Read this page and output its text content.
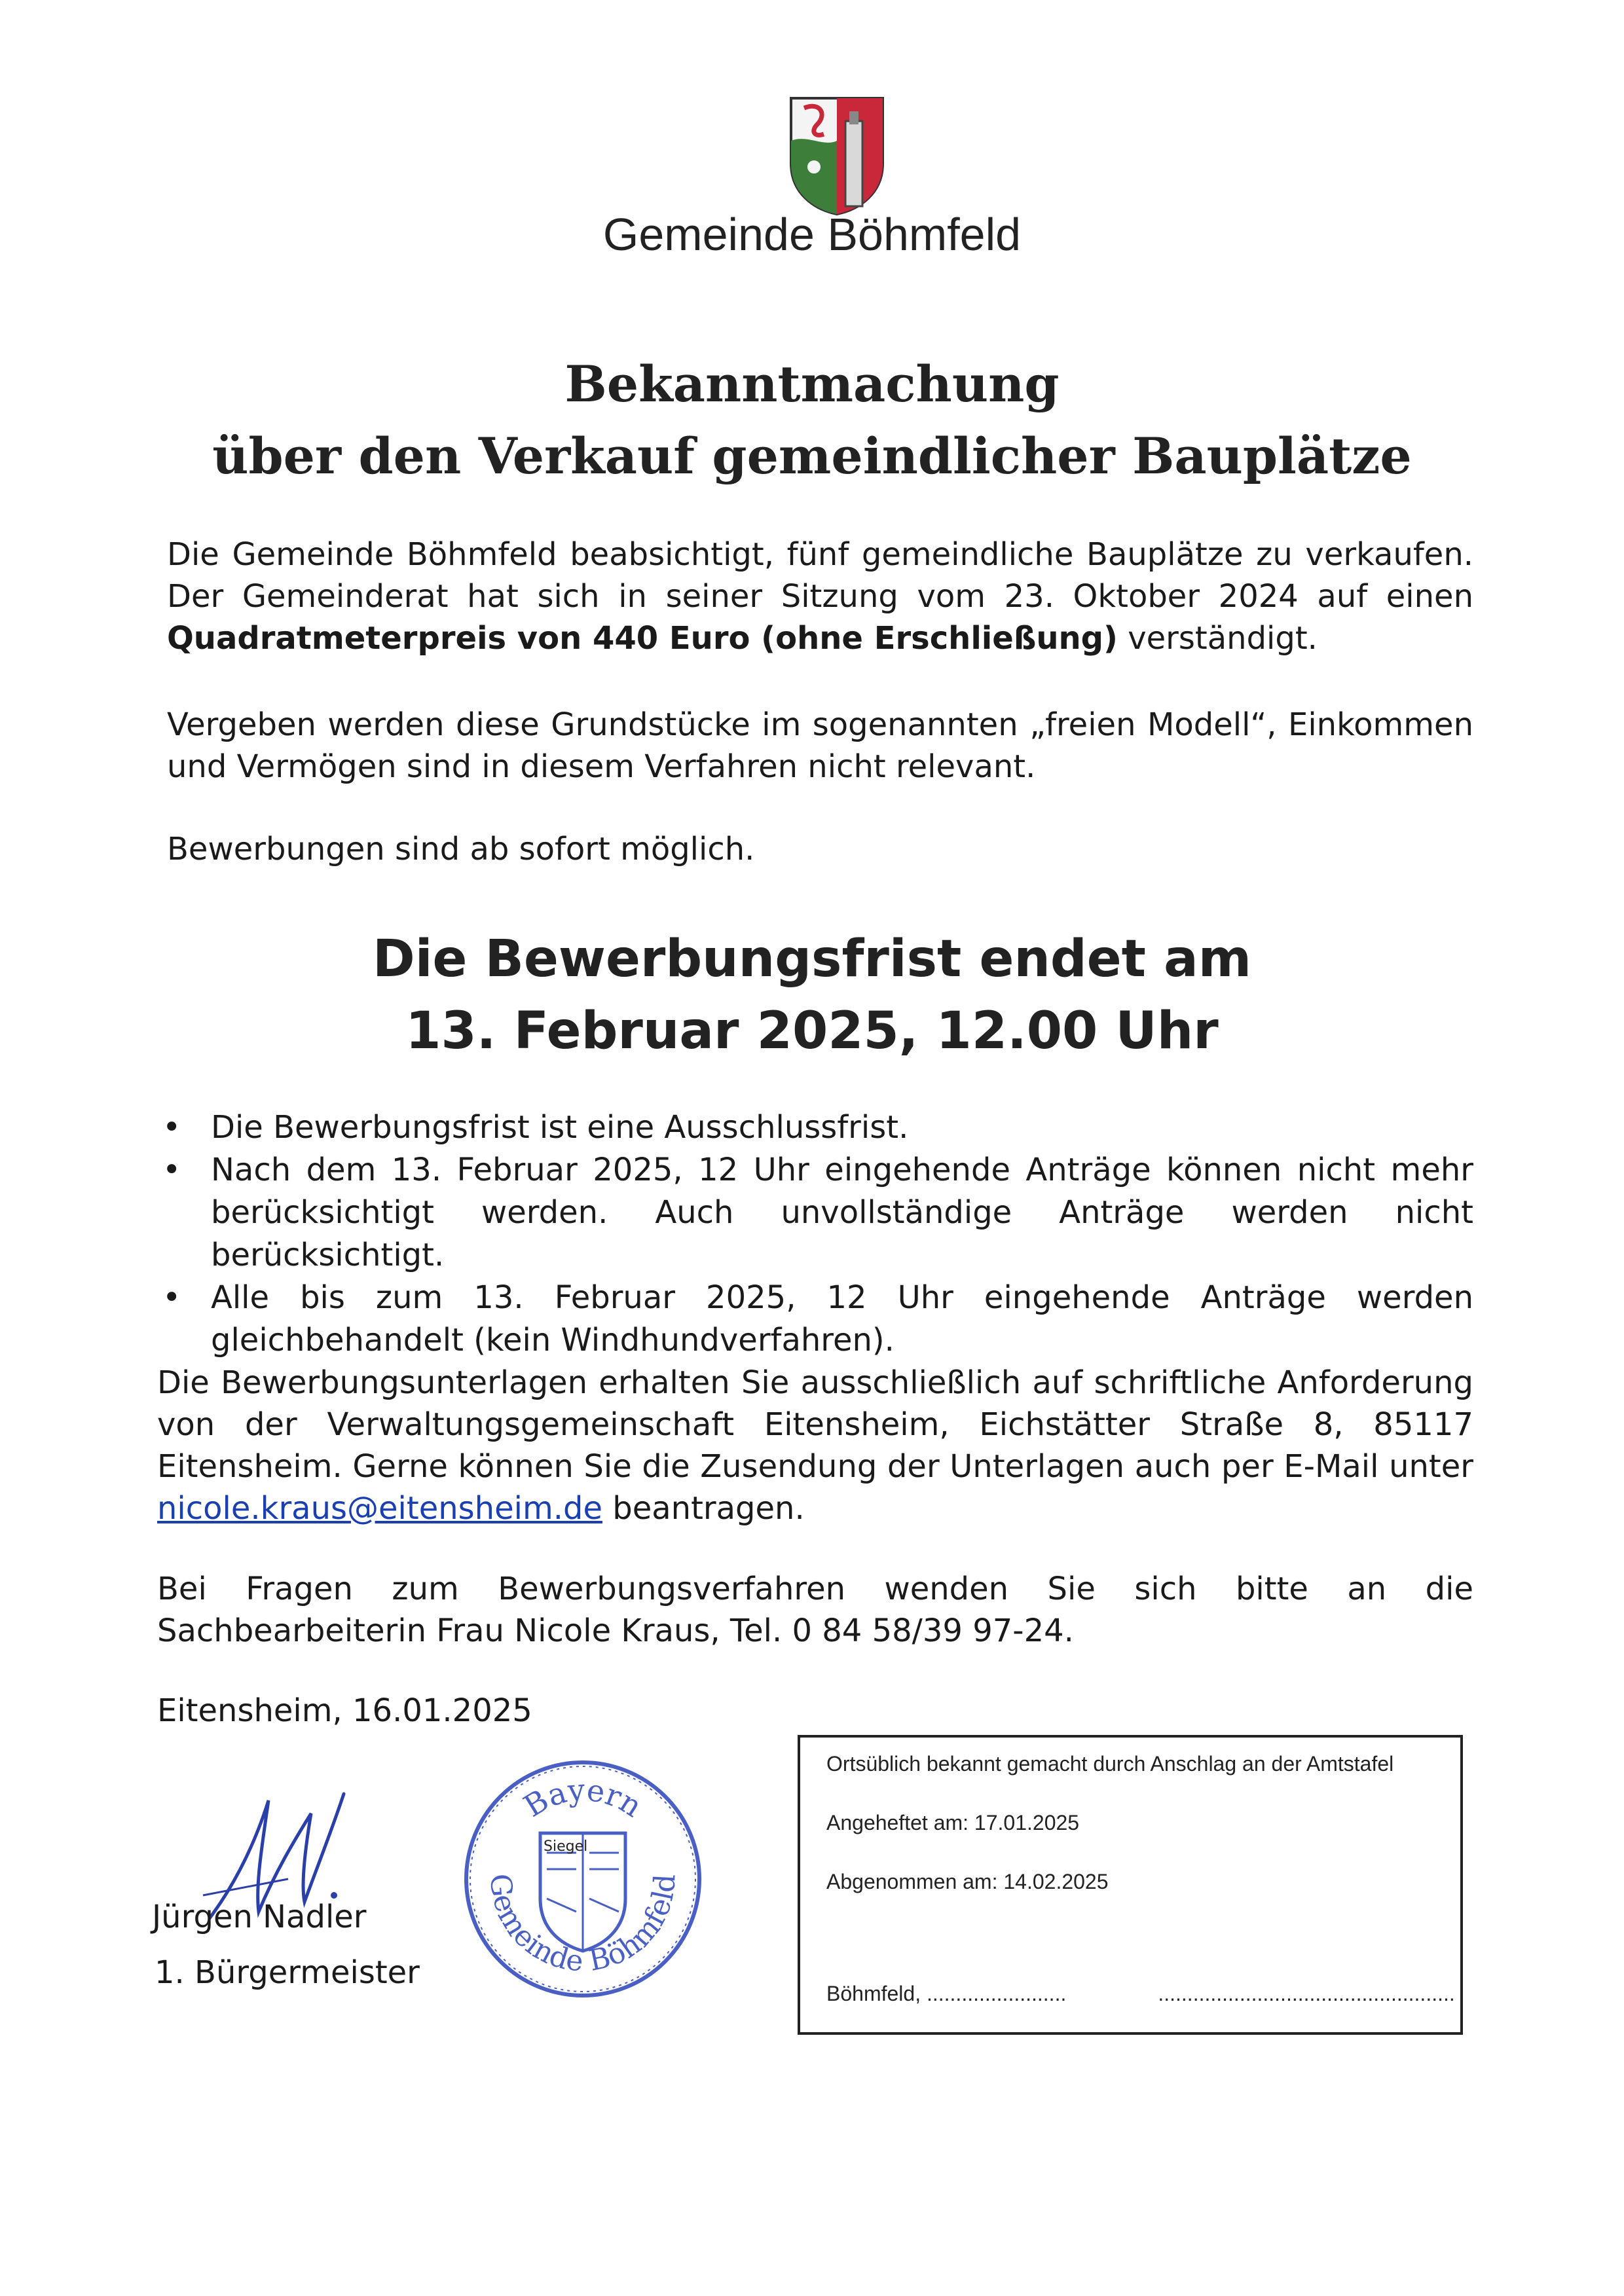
Gemeinde Böhmfeld
Bekanntmachung
über den Verkauf gemeindlicher Bauplätze
Die Gemeinde Böhmfeld beabsichtigt, fünf gemeindliche Bauplätze zu verkaufen. Der Gemeinderat hat sich in seiner Sitzung vom 23. Oktober 2024 auf einen Quadratmeterpreis von 440 Euro (ohne Erschließung) verständigt.
Vergeben werden diese Grundstücke im sogenannten „freien Modell“, Einkommen und Vermögen sind in diesem Verfahren nicht relevant.
Bewerbungen sind ab sofort möglich.
Die Bewerbungsfrist endet am
13. Februar 2025, 12.00 Uhr
• Die Bewerbungsfrist ist eine Ausschlussfrist.
• Nach dem 13. Februar 2025, 12 Uhr eingehende Anträge können nicht mehr berücksichtigt werden. Auch unvollständige Anträge werden nicht berücksichtigt.
• Alle bis zum 13. Februar 2025, 12 Uhr eingehende Anträge werden gleichbehandelt (kein Windhundverfahren).
Die Bewerbungsunterlagen erhalten Sie ausschließlich auf schriftliche Anforderung von der Verwaltungsgemeinschaft Eitensheim, Eichstätter Straße 8, 85117 Eitensheim. Gerne können Sie die Zusendung der Unterlagen auch per E-Mail unter nicole.kraus@eitensheim.de beantragen.
Bei Fragen zum Bewerbungsverfahren wenden Sie sich bitte an die Sachbearbeiterin Frau Nicole Kraus, Tel. 0 84 58/39 97-24.
Eitensheim, 16.01.2025
Jürgen Nadler
1. Bürgermeister
Bayern
Gemeinde Böhmfeld
Siegel
Ortsüblich bekannt gemacht durch Anschlag an der Amtstafel
Angeheftet am: 17.01.2025
Abgenommen am: 14.02.2025
Böhmfeld, ........................	...................................................
